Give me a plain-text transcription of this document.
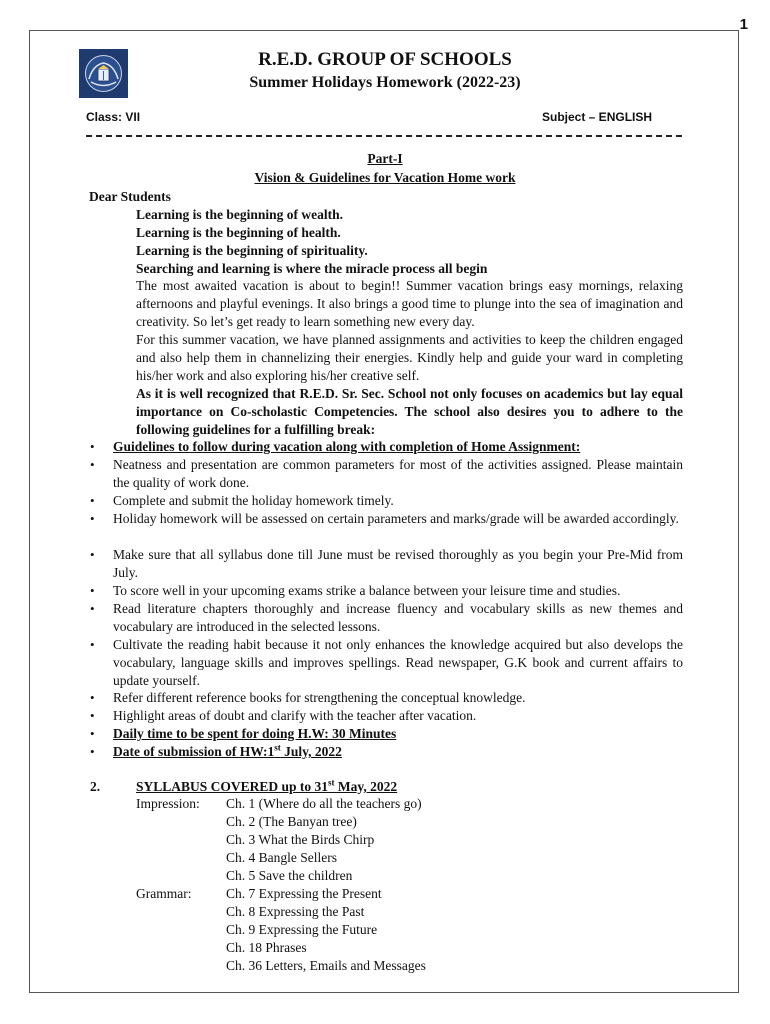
1
R.E.D. GROUP OF SCHOOLS
Summer Holidays Homework (2022-23)
Class: VII	Subject – ENGLISH
Part-I
Vision & Guidelines for Vacation Home work
Dear Students
Learning is the beginning of wealth.
Learning is the beginning of health.
Learning is the beginning of spirituality.
Searching and learning is where the miracle process all begin
The most awaited vacation is about to begin!! Summer vacation brings easy mornings, relaxing afternoons and playful evenings. It also brings a good time to plunge into the sea of imagination and creativity. So let’s get ready to learn something new every day.
For this summer vacation, we have planned assignments and activities to keep the children engaged and also help them in channelizing their energies. Kindly help and guide your ward in completing his/her work and also exploring his/her creative self.
As it is well recognized that R.E.D. Sr. Sec. School not only focuses on academics but lay equal importance on Co-scholastic Competencies. The school also desires you to adhere to the following guidelines for a fulfilling break:
• Guidelines to follow during vacation along with completion of Home Assignment:
• Neatness and presentation are common parameters for most of the activities assigned. Please maintain the quality of work done.
• Complete and submit the holiday homework timely.
• Holiday homework will be assessed on certain parameters and marks/grade will be awarded accordingly.
• Make sure that all syllabus done till June must be revised thoroughly as you begin your Pre-Mid from July.
• To score well in your upcoming exams strike a balance between your leisure time and studies.
• Read literature chapters thoroughly and increase fluency and vocabulary skills as new themes and vocabulary are introduced in the selected lessons.
• Cultivate the reading habit because it not only enhances the knowledge acquired but also develops the vocabulary, language skills and improves spellings. Read newspaper, G.K book and current affairs to update yourself.
• Refer different reference books for strengthening the conceptual knowledge.
• Highlight areas of doubt and clarify with the teacher after vacation.
• Daily time to be spent for doing H.W: 30 Minutes
• Date of submission of HW:1st July, 2022
2.	SYLLABUS COVERED up to 31st May, 2022
Impression: Ch. 1 (Where do all the teachers go)
Ch. 2 (The Banyan tree)
Ch. 3 What the Birds Chirp
Ch. 4 Bangle Sellers
Ch. 5 Save the children
Grammar:	Ch. 7 Expressing the Present
Ch. 8 Expressing the Past
Ch. 9 Expressing the Future
Ch. 18 Phrases
Ch. 36 Letters, Emails and Messages
